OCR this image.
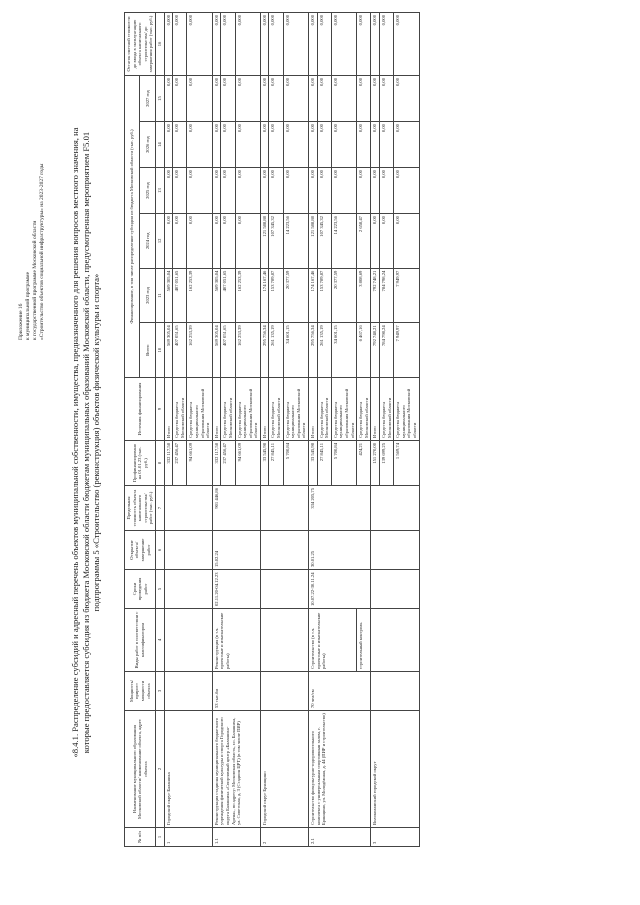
Приложение 16 к муниципальной программе к государственной программе Московской области «Строительство объектов социальной инфраструктуры» на 2023-2027 годы	«8.4.1. Распределение субсидий и адресный перечень объектов муниципальной собственности, имущества, предназначенного для решения вопросов местного значения, на которые предоставляется субсидия из бюджета Московской области бюджетам муниципальных образований Московской области, предусмотренная мероприятием F5.01 подпрограммы 5 «Строительство (реконструкция) объектов физической культуры и спорта»
№ п/п	Наименование муниципального образования Московской области/ наименование объекта, адрес объекта	Мощность/ прирост мощности объекта	Виды работ в соответствии с классификатором	Сроки проведения работ	Открытие объекта/ завершение работ	Предельная стоимость объекта капитального строительства/ работ (тыс. руб.)	Профинансировано на 01.01.23 (тыс. руб.)	Источник финансирования	Финансирование, в том числе распределение субсидии из бюджета Московской области (тыс. руб.)						Остаток сметной стоимости до ввода в эксплуатацию объекта капитального строительства/ до завершения работ (тыс. руб.)
									Всего	2023 год	2024 год	2025 год	2026 год	2027 год	
1	2	3	4	5	6	7	8	9	10	11	12	13	14	15	16
1	Городской округ Балашиха						332 117,58	Итого	569 305,04	569 305,04	0,00	0,00	0,00	0,00	0,000
							237 456,47	Средства бюджета Московской области	407 051,65	407 051,65	0,00	0,00	0,00	0,00	0,000
							94 661,09	Средства бюджета муниципального образования Московской области	162 253,39	162 253,39	0,00	0,00	0,00	0,00	0,000
1.1	Реконструкция стадиона муниципального бюджетного учреждения физической культуры и спорта Городского округа Балашиха «Спортивный центр «Балашиха-Арена», по адресу: Московская область, г.о. Балашиха, ул. Советская, д. 3 (Стадион ЦРТ) (в том числе ПИР)	53 тыс.бм	Реконструкция (в т.ч. проектные и изыскательские работы)	02.11.20-04.12.23	15.02.24	901 446,86	332 117,58	Итого	569 305,04	569 305,04	0,00	0,00	0,00	0,00	0,000
							237 456,47	Средства бюджета Московской области	407 051,65	407 051,65	0,00	0,00	0,00	0,00	0,000
							94 661,09	Средства бюджета муниципального образования Московской области	162 253,39	162 253,39	0,00	0,00	0,00	0,00	0,000
2	Городской округ Брянщино						33 545,98	Итого	295 756,34	174 167,46	121 588,88	0,00	0,00	0,00	0,000
							27 845,11	Средства бюджета Московской области	261 135,19	153 789,87	107 345,32	0,00	0,00	0,00	0,000
							5 700,84	Средства бюджета муниципального образования Московской области	34 601,15	20 377,59	14 223,56	0,00	0,00	0,00	0,000
2.1	Строительство физкультурно-оздоровительного комплекса с универсальным спортивным залом, г. Брянщино, ул. Молодёжная, д. 44 (ПИР и строительство)	70 чел/см	Строительство (в т.ч. проектные и изыскательские работы)	10.07.22-30.11.24	30.01.25	334 205,75	33 545,98	Итого	295 756,34	174 167,46	121 588,88	0,00	0,00	0,00	0,000
							27 845,11	Средства бюджета Московской области	261 135,19	153 789,87	107 345,32	0,00	0,00	0,00	0,000
							5 700,84	Средства бюджета муниципального образования Московской области	34 601,15	20 377,59	14 223,56	0,00	0,00	0,00	0,000
			строительный контроль				424,21	Средства бюджета Московской области	6 467,16	3 808,69	2 658,47	0,00	0,00	0,00	0,000
3	Волоколамский городской округ						151 270,00	Итого	792 748,21	792 748,21	0,00	0,00	0,00	0,00	0,000
							139 699,25	Средства бюджета Московской области	784 798,24	784 798,24	0,00	0,00	0,00	0,00	0,000
							1 569,74	Средства бюджета муниципального образования Московской области	7 949,97	7 949,97	0,00	0,00	0,00	0,00	0,000
